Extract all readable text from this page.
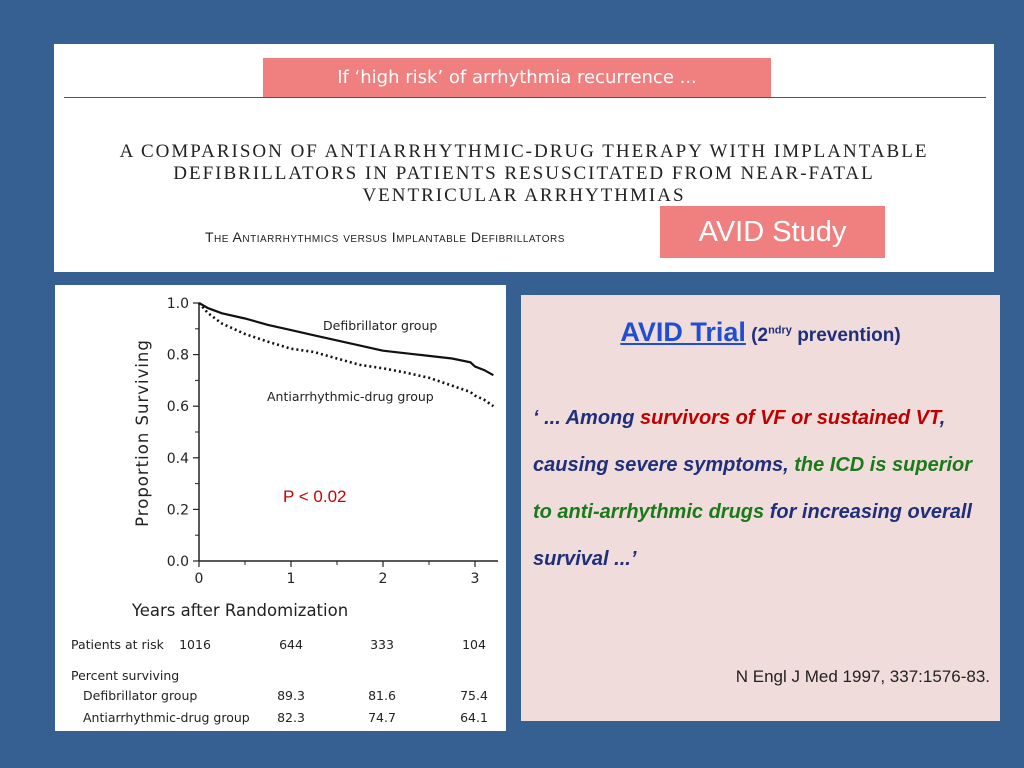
If ‘high risk’ of arrhythmia recurrence ...
A COMPARISON OF ANTIARRHYTHMIC-DRUG THERAPY WITH IMPLANTABLE
DEFIBRILLATORS IN PATIENTS RESUSCITATED FROM NEAR-FATAL
VENTRICULAR ARRHYTHMIAS
The Antiarrhythmics versus Implantable Defibrillators	AVID Study
0.0
0.2
0.4
0.6
0.8
1.0
0	1	2	3
Years after Randomization
Proportion Surviving
Defibrillator group
Antiarrhythmic-drug group
P < 0.02
Patients at risk	1016	644	333	104
Percent surviving
Defibrillator group	89.3	81.6	75.4
Antiarrhythmic-drug group	82.3	74.7	64.1
AVID Trial ($2^{ndry}$ prevention)
‘ ... Among survivors of VF or sustained VT, causing severe symptoms, the ICD is superior to anti-arrhythmic drugs for increasing overall survival ...’
N Engl J Med 1997, 337:1576-83.
